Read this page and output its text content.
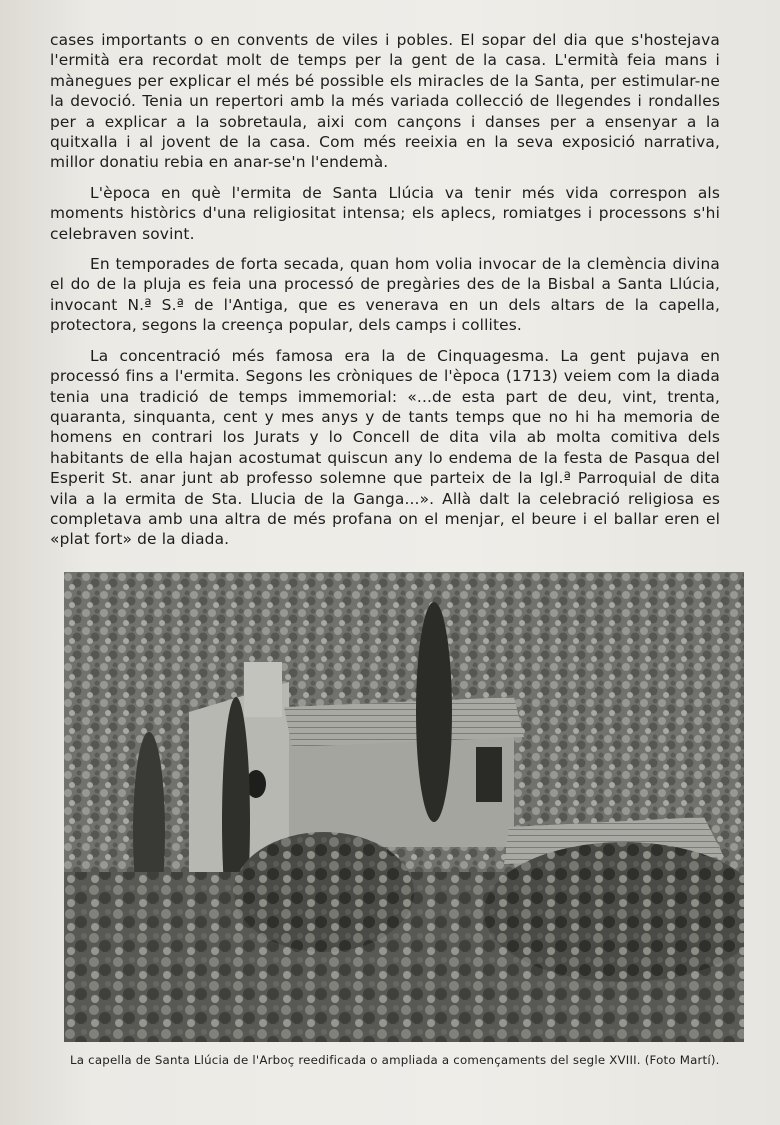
cases importants o en convents de viles i pobles. El sopar del dia que s'hostejava l'ermità era recordat molt de temps per la gent de la casa. L'ermità feia mans i mànegues per explicar el més bé possible els miracles de la Santa, per estimular-ne la devoció. Tenia un repertori amb la més variada collecció de llegendes i rondalles per a explicar a la sobretaula, aixi com cançons i danses per a ensenyar a la quitxalla i al jovent de la casa. Com més reeixia en la seva exposició narrativa, millor donatiu rebia en anar-se'n l'endemà.

L'època en què l'ermita de Santa Llúcia va tenir més vida correspon als moments històrics d'una religiositat intensa; els aplecs, romiatges i processons s'hi celebraven sovint.

En temporades de forta secada, quan hom volia invocar de la clemència divina el do de la pluja es feia una processó de pregàries des de la Bisbal a Santa Llúcia, invocant N.ª S.ª de l'Antiga, que es venerava en un dels altars de la capella, protectora, segons la creença popular, dels camps i collites.

La concentració més famosa era la de Cinquagesma. La gent pujava en processó fins a l'ermita. Segons les cròniques de l'època (1713) veiem com la diada tenia una tradició de temps immemorial: «...de esta part de deu, vint, trenta, quaranta, sinquanta, cent y mes anys y de tants temps que no hi ha memoria de homens en contrari los Jurats y lo Concell de dita vila ab molta comitiva dels habitants de ella hajan acostumat quiscun any lo endema de la festa de Pasqua del Esperit St. anar junt ab professo solemne que parteix de la Igl.ª Parroquial de dita vila a la ermita de Sta. Llucia de la Ganga...». Allà dalt la celebració religiosa es completava amb una altra de més profana on el menjar, el beure i el ballar eren el «plat fort» de la diada.

La capella de Santa Llúcia de l'Arboç reedificada o ampliada a començaments del segle XVIII. (Foto Martí).
